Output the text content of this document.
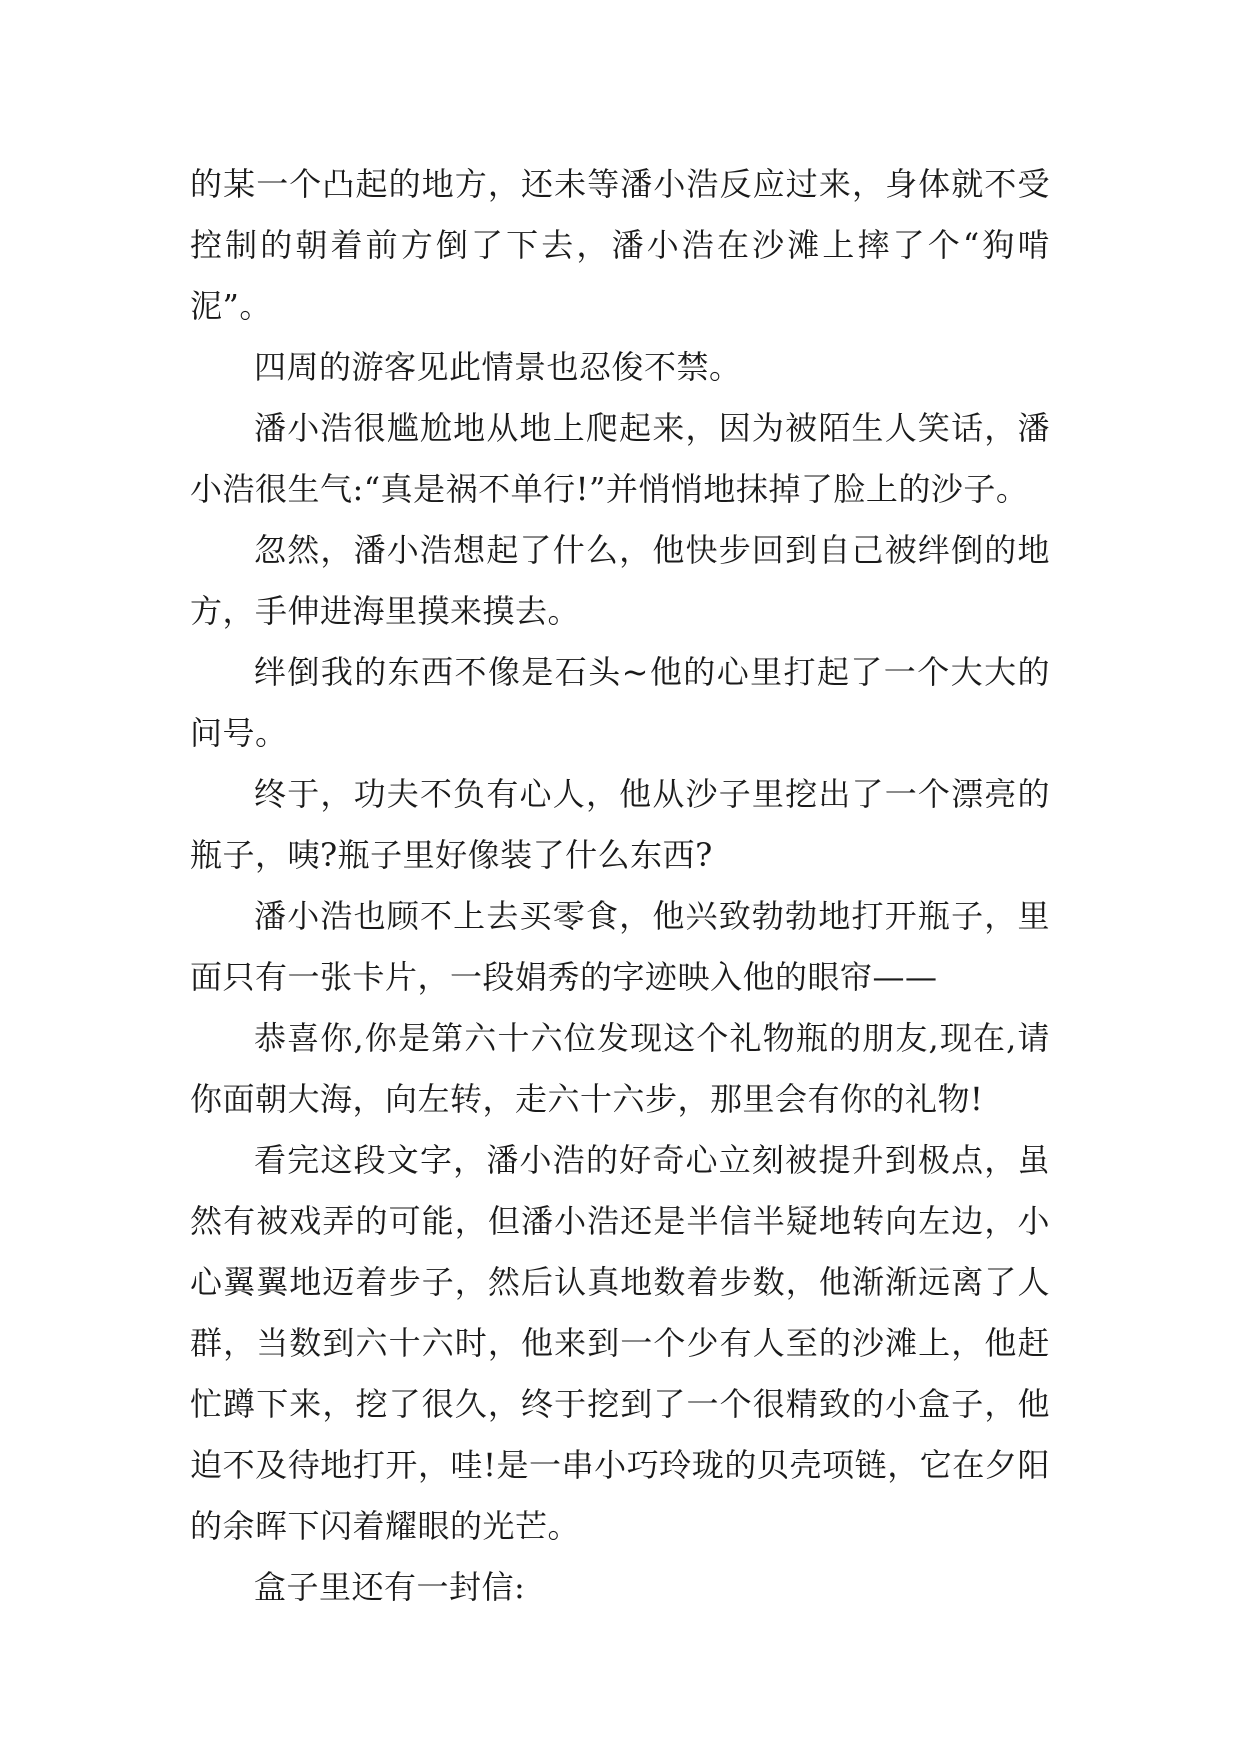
的某一个凸起的地方，还未等潘小浩反应过来，身体就不受控制的朝着前方倒了下去，潘小浩在沙滩上摔了个“狗啃泥”。

四周的游客见此情景也忍俊不禁。

潘小浩很尴尬地从地上爬起来，因为被陌生人笑话，潘小浩很生气:“真是祸不单行!”并悄悄地抹掉了脸上的沙子。

忽然，潘小浩想起了什么，他快步回到自己被绊倒的地方，手伸进海里摸来摸去。

绊倒我的东西不像是石头~他的心里打起了一个大大的问号。

终于，功夫不负有心人，他从沙子里挖出了一个漂亮的瓶子，咦?瓶子里好像装了什么东西?

潘小浩也顾不上去买零食，他兴致勃勃地打开瓶子，里面只有一张卡片，一段娟秀的字迹映入他的眼帘——

恭喜你,你是第六十六位发现这个礼物瓶的朋友,现在,请你面朝大海，向左转，走六十六步，那里会有你的礼物!

看完这段文字，潘小浩的好奇心立刻被提升到极点，虽然有被戏弄的可能，但潘小浩还是半信半疑地转向左边，小心翼翼地迈着步子，然后认真地数着步数，他渐渐远离了人群，当数到六十六时，他来到一个少有人至的沙滩上，他赶忙蹲下来，挖了很久，终于挖到了一个很精致的小盒子，他迫不及待地打开，哇!是一串小巧玲珑的贝壳项链，它在夕阳的余晖下闪着耀眼的光芒。

盒子里还有一封信:
